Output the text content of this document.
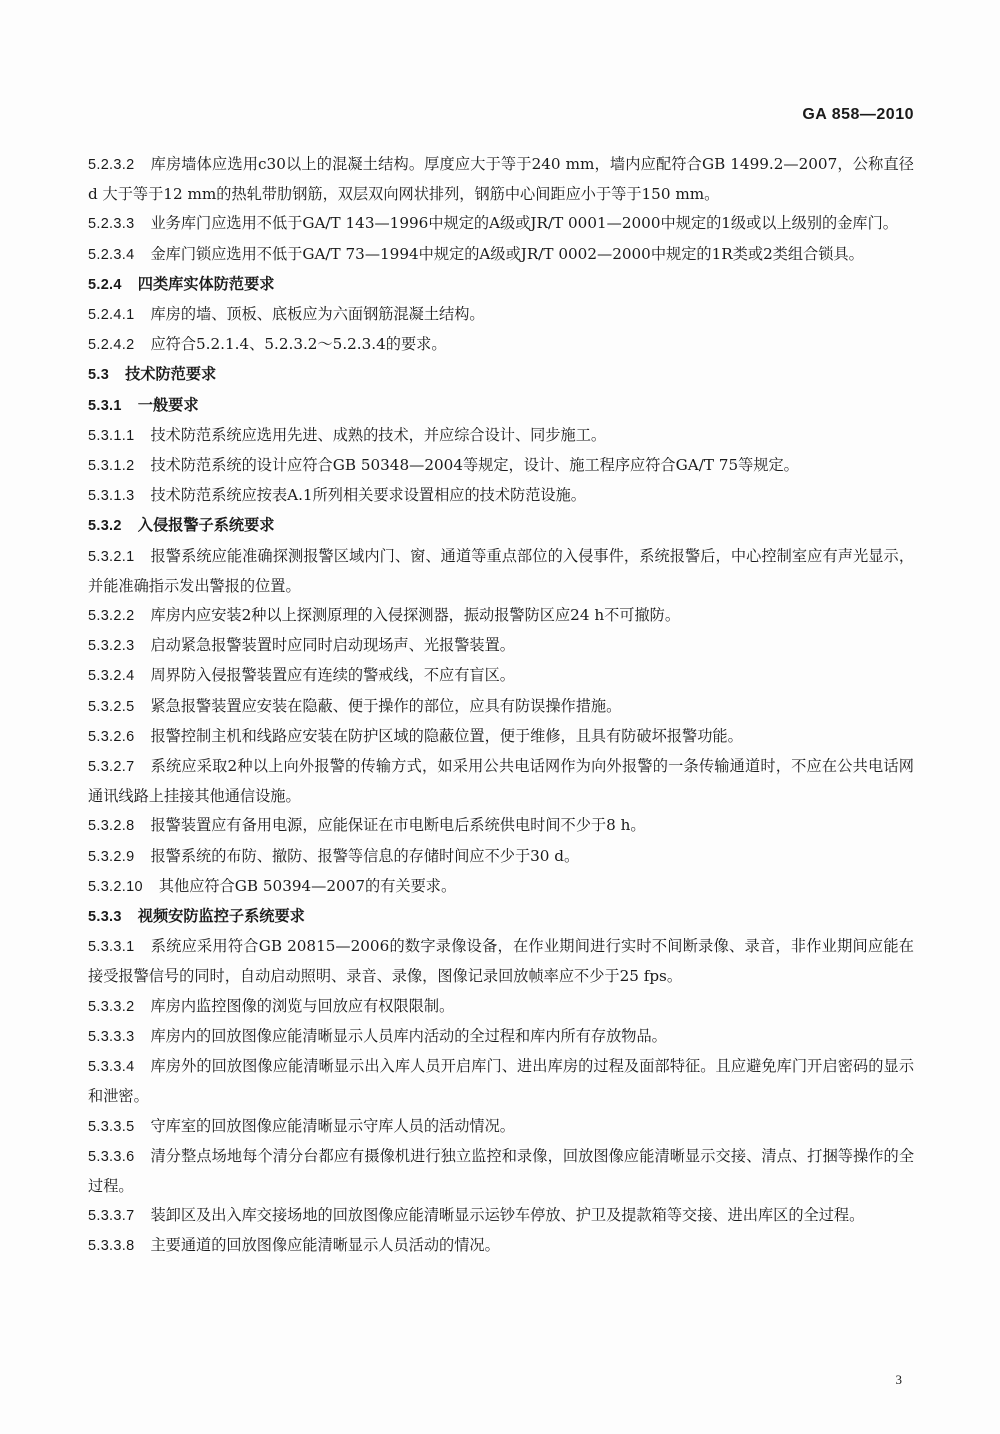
GA 858—2010

5.2.3.2 库房墙体应选用c30以上的混凝土结构。厚度应大于等于240 mm，墙内应配符合GB 1499.2—2007，公称直径 d 大于等于12 mm的热轧带肋钢筋，双层双向网状排列，钢筋中心间距应小于等于150 mm。

5.2.3.3 业务库门应选用不低于GA/T 143—1996中规定的A级或JR/T 0001—2000中规定的1级或以上级别的金库门。

5.2.3.4 金库门锁应选用不低于GA/T 73—1994中规定的A级或JR/T 0002—2000中规定的1R类或2类组合锁具。

5.2.4 四类库实体防范要求

5.2.4.1 库房的墙、顶板、底板应为六面钢筋混凝土结构。

5.2.4.2 应符合5.2.1.4、5.2.3.2～5.2.3.4的要求。

5.3 技术防范要求

5.3.1 一般要求

5.3.1.1 技术防范系统应选用先进、成熟的技术，并应综合设计、同步施工。

5.3.1.2 技术防范系统的设计应符合GB 50348—2004等规定，设计、施工程序应符合GA/T 75等规定。

5.3.1.3 技术防范系统应按表A.1所列相关要求设置相应的技术防范设施。

5.3.2 入侵报警子系统要求

5.3.2.1 报警系统应能准确探测报警区域内门、窗、通道等重点部位的入侵事件，系统报警后，中心控制室应有声光显示，并能准确指示发出警报的位置。

5.3.2.2 库房内应安装2种以上探测原理的入侵探测器，振动报警防区应24 h不可撤防。

5.3.2.3 启动紧急报警装置时应同时启动现场声、光报警装置。

5.3.2.4 周界防入侵报警装置应有连续的警戒线，不应有盲区。

5.3.2.5 紧急报警装置应安装在隐蔽、便于操作的部位，应具有防误操作措施。

5.3.2.6 报警控制主机和线路应安装在防护区域的隐蔽位置，便于维修，且具有防破坏报警功能。

5.3.2.7 系统应采取2种以上向外报警的传输方式，如采用公共电话网作为向外报警的一条传输通道时，不应在公共电话网通讯线路上挂接其他通信设施。

5.3.2.8 报警装置应有备用电源，应能保证在市电断电后系统供电时间不少于8 h。

5.3.2.9 报警系统的布防、撤防、报警等信息的存储时间应不少于30 d。

5.3.2.10 其他应符合GB 50394—2007的有关要求。

5.3.3 视频安防监控子系统要求

5.3.3.1 系统应采用符合GB 20815—2006的数字录像设备，在作业期间进行实时不间断录像、录音，非作业期间应能在接受报警信号的同时，自动启动照明、录音、录像，图像记录回放帧率应不少于25 fps。

5.3.3.2 库房内监控图像的浏览与回放应有权限限制。

5.3.3.3 库房内的回放图像应能清晰显示人员库内活动的全过程和库内所有存放物品。

5.3.3.4 库房外的回放图像应能清晰显示出入库人员开启库门、进出库房的过程及面部特征。且应避免库门开启密码的显示和泄密。

5.3.3.5 守库室的回放图像应能清晰显示守库人员的活动情况。

5.3.3.6 清分整点场地每个清分台都应有摄像机进行独立监控和录像，回放图像应能清晰显示交接、清点、打捆等操作的全过程。

5.3.3.7 装卸区及出入库交接场地的回放图像应能清晰显示运钞车停放、护卫及提款箱等交接、进出库区的全过程。

5.3.3.8 主要通道的回放图像应能清晰显示人员活动的情况。

3
